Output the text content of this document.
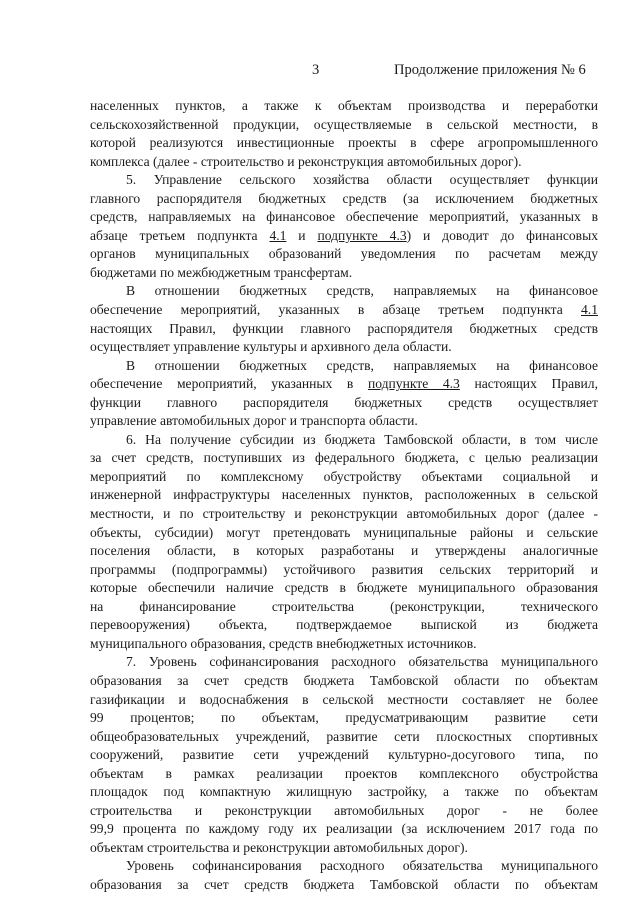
3	Продолжение приложения № 6
населенных пунктов, а также к объектам производства и переработки
сельскохозяйственной продукции, осуществляемые в сельской местности, в
которой реализуются инвестиционные проекты в сфере агропромышленного
комплекса (далее - строительство и реконструкция автомобильных дорог).
5. Управление сельского хозяйства области осуществляет функции
главного распорядителя бюджетных средств (за исключением бюджетных
средств, направляемых на финансовое обеспечение мероприятий, указанных в
абзаце третьем подпункта 4.1 и подпункте 4.3) и доводит до финансовых
органов муниципальных образований уведомления по расчетам между
бюджетами по межбюджетным трансфертам.
В отношении бюджетных средств, направляемых на финансовое
обеспечение мероприятий, указанных в абзаце третьем подпункта 4.1
настоящих Правил, функции главного распорядителя бюджетных средств
осуществляет управление культуры и архивного дела области.
В отношении бюджетных средств, направляемых на финансовое
обеспечение мероприятий, указанных в подпункте 4.3 настоящих Правил,
функции главного распорядителя бюджетных средств осуществляет
управление автомобильных дорог и транспорта области.
6. На получение субсидии из бюджета Тамбовской области, в том числе
за счет средств, поступивших из федерального бюджета, с целью реализации
мероприятий по комплексному обустройству объектами социальной и
инженерной инфраструктуры населенных пунктов, расположенных в сельской
местности, и по строительству и реконструкции автомобильных дорог (далее -
объекты, субсидии) могут претендовать муниципальные районы и сельские
поселения области, в которых разработаны и утверждены аналогичные
программы (подпрограммы) устойчивого развития сельских территорий и
которые обеспечили наличие средств в бюджете муниципального образования
на финансирование строительства (реконструкции, технического
перевооружения) объекта, подтверждаемое выпиской из бюджета
муниципального образования, средств внебюджетных источников.
7. Уровень софинансирования расходного обязательства муниципального
образования за счет средств бюджета Тамбовской области по объектам
газификации и водоснабжения в сельской местности составляет не более
99 процентов; по объектам, предусматривающим развитие сети
общеобразовательных учреждений, развитие сети плоскостных спортивных
сооружений, развитие сети учреждений культурно-досугового типа, по
объектам в рамках реализации проектов комплексного обустройства
площадок под компактную жилищную застройку, а также по объектам
строительства и реконструкции автомобильных дорог - не более
99,9 процента по каждому году их реализации (за исключением 2017 года по
объектам строительства и реконструкции автомобильных дорог).
Уровень софинансирования расходного обязательства муниципального
образования за счет средств бюджета Тамбовской области по объектам
